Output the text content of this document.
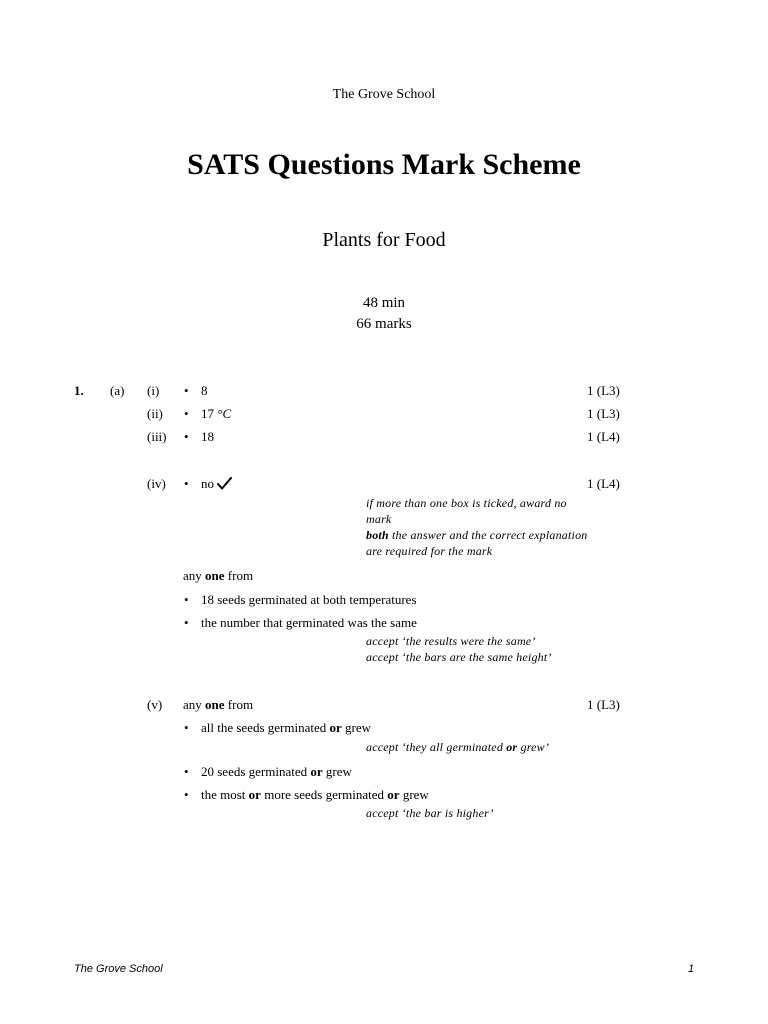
The Grove School
SATS Questions Mark Scheme
Plants for Food
48 min
66 marks
1. (a) (i) • 8	1 (L3)
(ii) • 17 °C	1 (L3)
(iii) • 18	1 (L4)
(iv) • no	1 (L4)
if more than one box is ticked, award no
mark
both the answer and the correct explanation
are required for the mark
any one from
• 18 seeds germinated at both temperatures
• the number that germinated was the same
accept ‘the results were the same’
accept ‘the bars are the same height’
(v) any one from	1 (L3)
• all the seeds germinated or grew
accept ‘they all germinated or grew’
• 20 seeds germinated or grew
• the most or more seeds germinated or grew
accept ‘the bar is higher’
The Grove School	1
